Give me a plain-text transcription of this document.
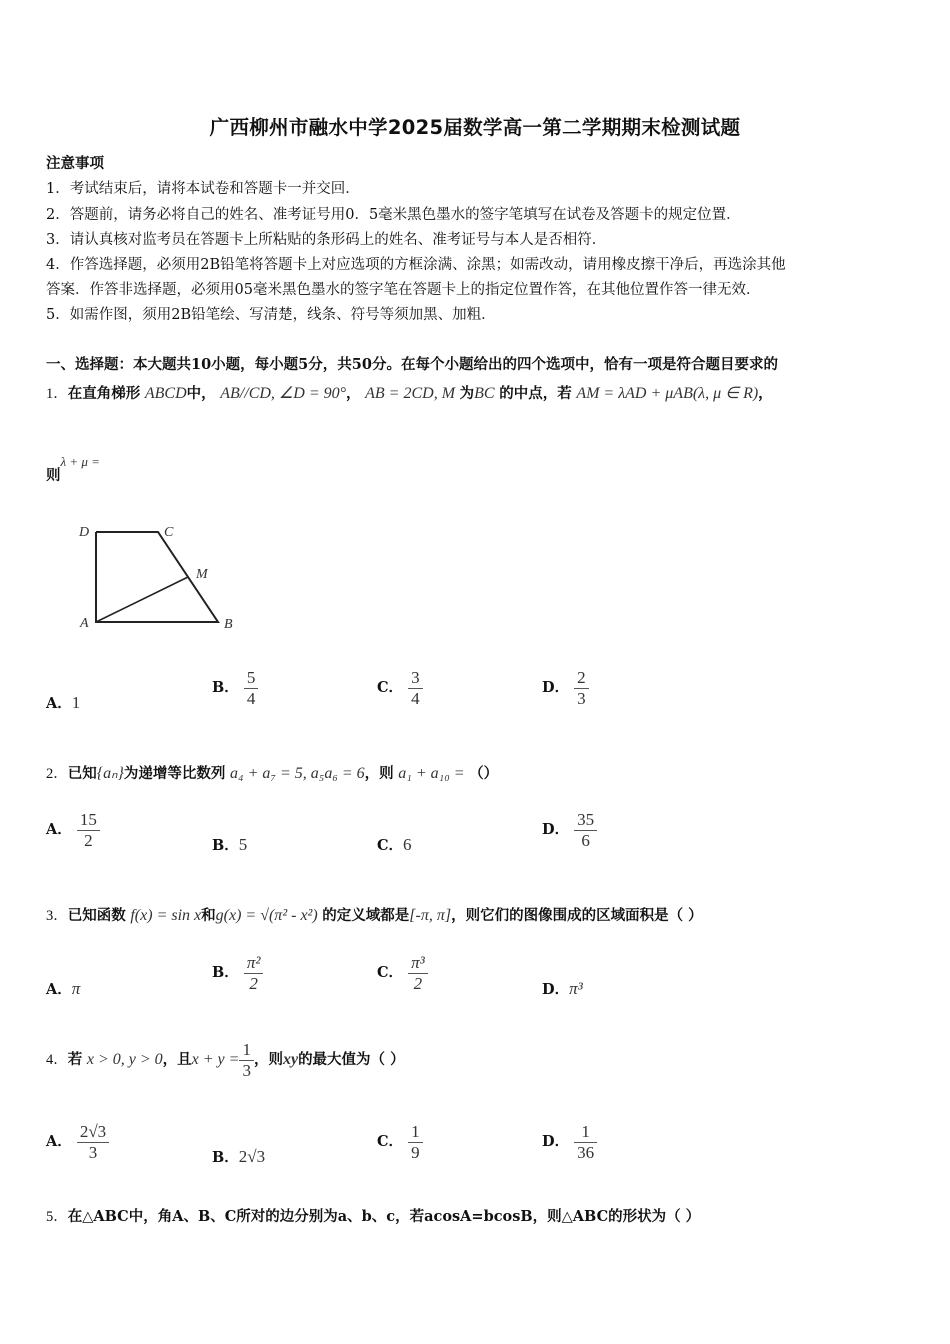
广西柳州市融水中学2025届数学高一第二学期期末检测试题
注意事项
1．考试结束后，请将本试卷和答题卡一并交回．
2．答题前，请务必将自己的姓名、准考证号用0．5毫米黑色墨水的签字笔填写在试卷及答题卡的规定位置．
3．请认真核对监考员在答题卡上所粘贴的条形码上的姓名、准考证号与本人是否相符．
4．作答选择题，必须用2B铅笔将答题卡上对应选项的方框涂满、涂黑；如需改动，请用橡皮擦干净后，再选涂其他
答案．作答非选择题，必须用05毫米黑色墨水的签字笔在答题卡上的指定位置作答，在其他位置作答一律无效．
5．如需作图，须用2B铅笔绘、写清楚，线条、符号等须加黑、加粗．
一、选择题：本大题共10小题，每小题5分，共50分。在每个小题给出的四个选项中，恰有一项是符合题目要求的
1．在直角梯形 ABCD中， AB//CD, ∠D = 90°， AB = 2CD, M 为BC 的中点，若 AM = λAD + μAB(λ, μ ∈ R)，
则λ + μ =
D	C
M
A	B
A．1
B． $\frac{5}{4}$	C． $\frac{3}{4}$	D． $\frac{2}{3}$
2．已知{aₙ}为递增等比数列 a₄ + a₇ = 5, a₅a₆ = 6，则 a₁ + a₁₀ = （）
A． $\frac{15}{2}$	B．5	C．6
D． $\frac{35}{6}$
3．已知函数 f(x) = sin x和g(x) = √(π² - x²) 的定义域都是[-π, π]，则它们的图像围成的区域面积是（ ）
A．π
B． $\frac{\text{π²}}{2}$	C． $\frac{\text{π³}}{2}$	D．π³
4．若 x > 0, y > 0，且$x + y = \frac{1}{3}$ ，则xy的最大值为（ ）
A． $\frac{2√3}{3}$	B．2√3
C． $\frac{1}{9}$	D． $\frac{1}{36}$
5．在△ABC中，角A、B、C所对的边分别为a、b、c，若acosA=bcosB，则△ABC的形状为（ ）
